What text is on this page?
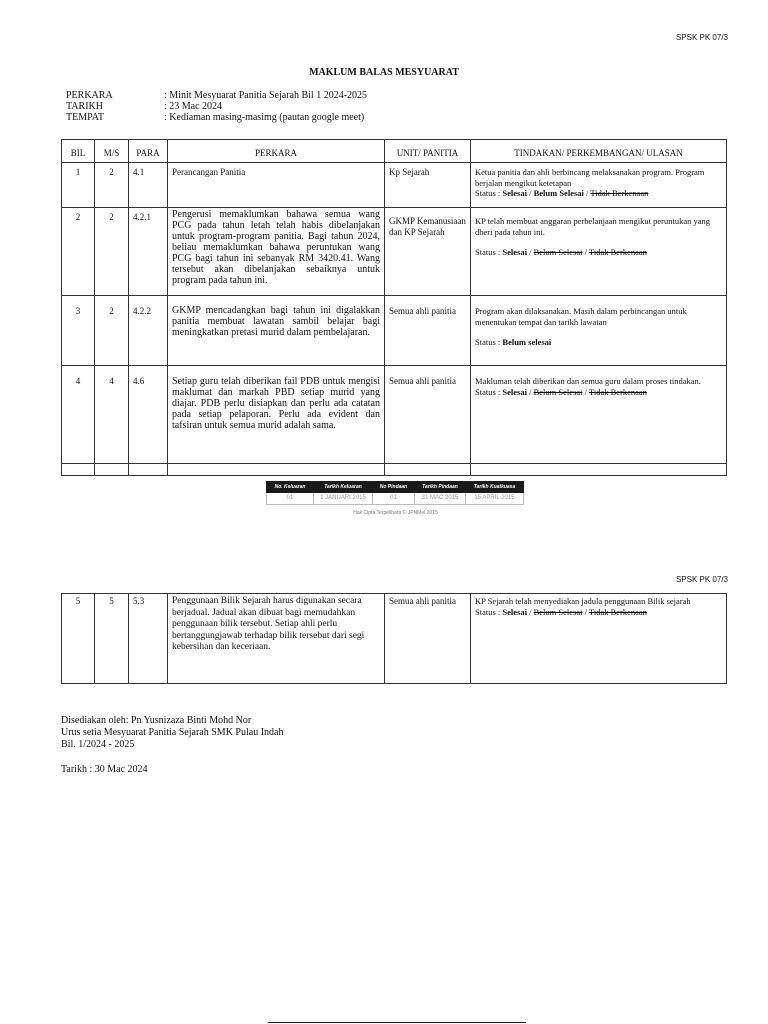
SPSK PK 07/3
MAKLUM BALAS MESYUARAT
PERKARA	: Minit Mesyuarat Panitia Sejarah Bil 1 2024-2025
TARIKH	: 23 Mac 2024
TEMPAT	: Kediaman masing-masimg (pautan google meet)
BIL	M/S	PARA	PERKARA	UNIT/ PANITIA	TINDAKAN/ PERKEMBANGAN/ ULASAN
1	2	4.1	Perancangan Panitia	Kp Sejarah	Ketua panitia dan ahli berbincang melaksanakan program. Program berjalan mengikut ketetapan
Status : Selesai / Belum Selesai / Tidak Berkenaan

2	2	4.2.1	Pengerusi memaklumkan bahawa semua wang PCG pada tahun letah telah habis dibelanjakan untuk program-program panitia. Bagi tahun 2024, beliau memaklumkan bahawa peruntukan wang PCG bagi tahun ini sebanyak RM 3420.41. Wang tersebut akan dibelanjakan sebaiknya untuk program pada tahun ini.	GKMP Kemanusiaan dan KP Sejarah	KP telah membuat anggaran perbelanjaan mengikut peruntukan yang dberi pada tahun ini.
Status : Selesai / Belum Selesai / Tidak Berkenaan

3	2	4.2.2	GKMP mencadangkan bagi tahun ini digalakkan panitia membuat lawatan sambil belajar bagi meningkatkan pretasi murid dalam pembelajaran.	Semua ahli panitia	Program akan dilaksanakan. Masih dalam perbincangan untuk menentukan tempat dan tarikh lawatan
Status : Belum selesai

4	4	4.6	Setiap guru telah diberikan fail PDB untuk mengisi maklumat dan markah PBD setiap murid yang diajar. PDB perlu disiapkan dan perlu ada catatan pada setiap pelaporan. Perlu ada evident dan tafsiran untuk semua murid adalah sama.	Semua ahli panitia	Makluman telah diberikan dan semua guru dalam proses tindakan.
Status : Selesai / Belum Selesai / Tidak Berkenaan

No. Keluaran	Tarikh Keluaran	No Pindaan	Tarikh Pindaan	Tarikh Kuatkuasa
01	1 JANUARI 2015	01	31 MAC 2015	15 APRIL 2015
Hak Cipta Terpelihara © JPNMel 2015
SPSK PK 07/3
5	5	5.3	Penggunaan Bilik Sejarah harus digunakan secara berjadual. Jadual akan dibuat bagi memudahkan penggunaan bilik tersebut. Setiap ahli perlu bertanggungjawab terhadap bilik tersebut dari segi kebersihan dan keceriaan.	Semua ahli panitia	KP Sejarah telah menyediakan jadula penggunaan Bilik sejarah
Status : Selesai / Belum Selesai / Tidak Berkenaan
Disediakan oleh: Pn Yusnizaza Binti Mohd Nor
Urus setia Mesyuarat Panitia Sejarah SMK Pulau Indah
Bil. 1/2024 - 2025
Tarikh : 30 Mac 2024
